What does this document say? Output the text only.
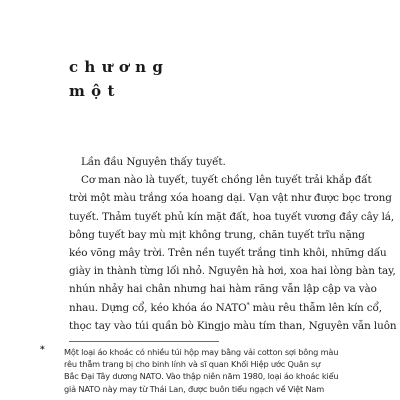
chương
một
Lần đầu Nguyên thấy tuyết.
Cơ man nào là tuyết, tuyết chồng lên tuyết trải khắp đất
trời một màu trắng xóa hoang dại. Vạn vật như được bọc trong
tuyết. Thảm tuyết phủ kín mặt đất, hoa tuyết vương đầy cây lá,
bông tuyết bay mù mịt không trung, chăn tuyết trĩu nặng
kéo võng mây trời. Trên nền tuyết trắng tinh khôi, những dấu
giày in thành từng lối nhỏ. Nguyên hà hơi, xoa hai lòng bàn tay,
nhún nhảy hai chân nhưng hai hàm răng vẫn lập cập va vào
nhau. Dựng cổ, kéo khóa áo NATO* màu rêu thẫm lên kín cổ,
thọc tay vào túi quần bò Kingjo màu tím than, Nguyên vẫn luôn
*	Một loại áo khoác có nhiều túi hộp may bằng vải cotton sợi bông màu
rêu thẫm trang bị cho binh lính và sĩ quan Khối Hiệp ước Quân sự
Bắc Đại Tây dương NATO. Vào thập niên năm 1980, loại áo khoác kiểu
giả NATO này may từ Thái Lan, được buôn tiểu ngạch về Việt Nam
